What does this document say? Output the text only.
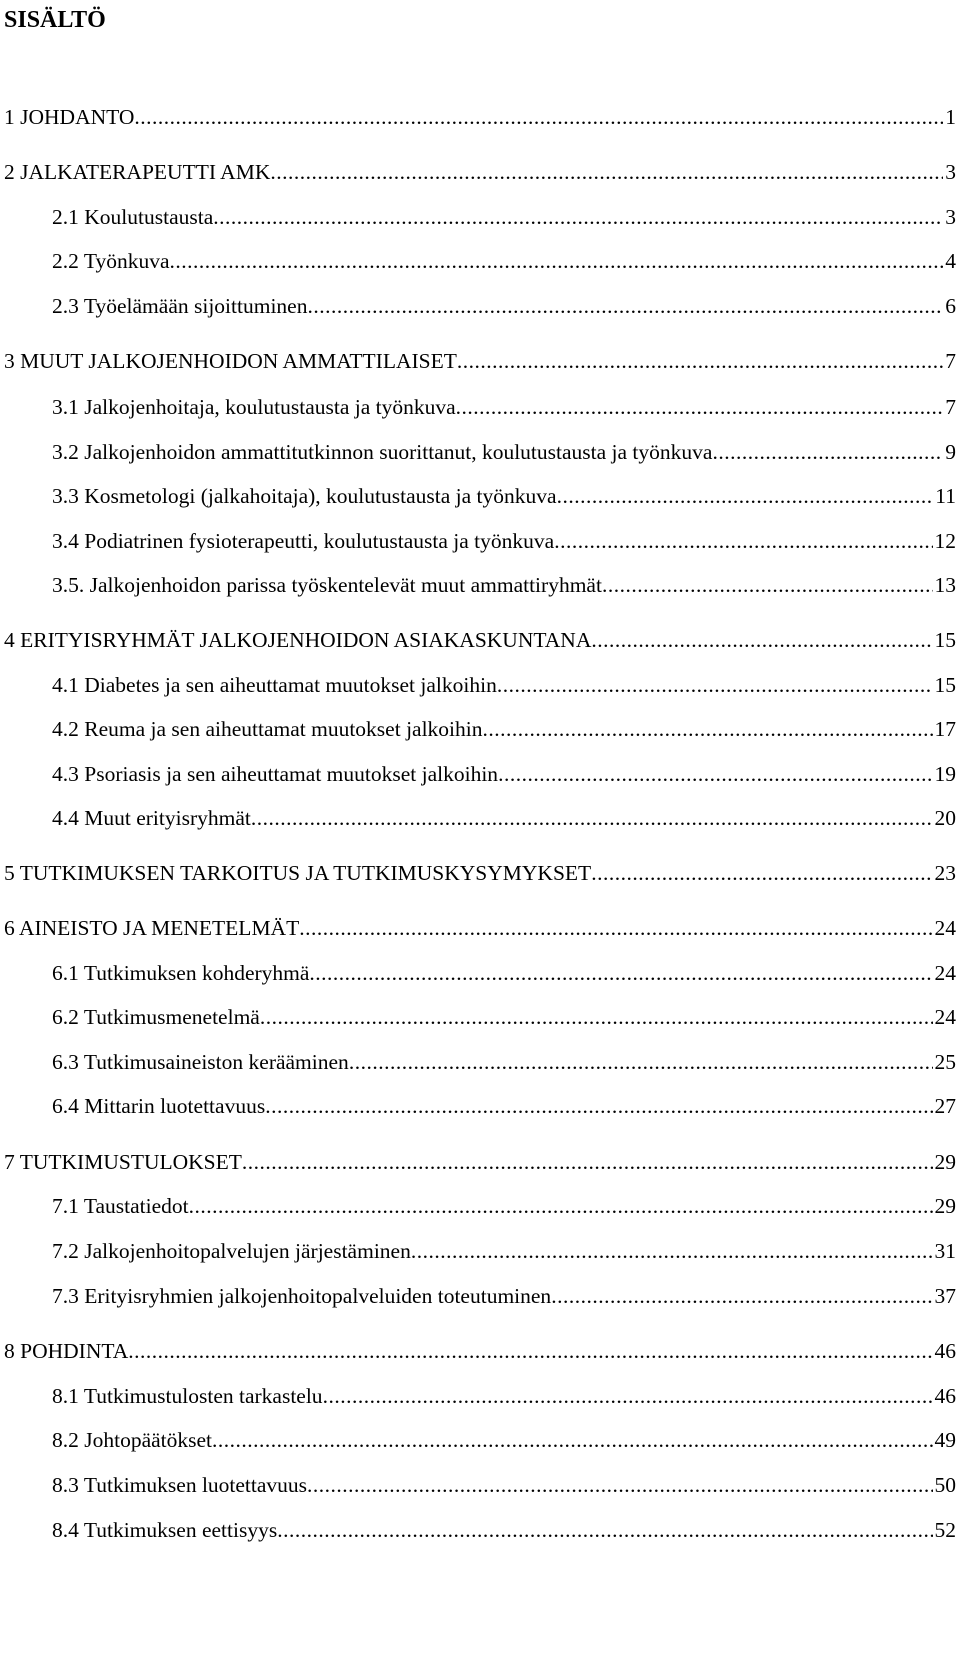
SISÄLTÖ
1 JOHDANTO .....	1
2 JALKATERAPEUTTI AMK .....	3
2.1 Koulutustausta .....	3
2.2 Työnkuva .....	4
2.3 Työelämään sijoittuminen .....	6
3 MUUT JALKOJENHOIDON AMMATTILAISET .....	7
3.1 Jalkojenhoitaja, koulutustausta ja työnkuva .....	7
3.2 Jalkojenhoidon ammattitutkinnon suorittanut, koulutustausta ja työnkuva .....	9
3.3 Kosmetologi (jalkahoitaja), koulutustausta ja työnkuva .....	11
3.4 Podiatrinen fysioterapeutti, koulutustausta ja työnkuva .....	12
3.5. Jalkojenhoidon parissa työskentelevät muut ammattiryhmät .....	13
4 ERITYISRYHMÄT JALKOJENHOIDON ASIAKASKUNTANA .....	15
4.1 Diabetes ja sen aiheuttamat muutokset jalkoihin .....	15
4.2 Reuma ja sen aiheuttamat muutokset jalkoihin .....	17
4.3 Psoriasis ja sen aiheuttamat muutokset jalkoihin .....	19
4.4 Muut erityisryhmät .....	20
5 TUTKIMUKSEN TARKOITUS JA TUTKIMUSKYSYMYKSET .....	23
6 AINEISTO JA MENETELMÄT .....	24
6.1 Tutkimuksen kohderyhmä .....	24
6.2 Tutkimusmenetelmä .....	24
6.3 Tutkimusaineiston kerääminen .....	25
6.4 Mittarin luotettavuus .....	27
7 TUTKIMUSTULOKSET .....	29
7.1 Taustatiedot .....	29
7.2 Jalkojenhoitopalvelujen järjestäminen .....	31
7.3 Erityisryhmien jalkojenhoitopalveluiden toteutuminen .....	37
8 POHDINTA .....	46
8.1 Tutkimustulosten tarkastelu .....	46
8.2 Johtopäätökset .....	49
8.3 Tutkimuksen luotettavuus .....	50
8.4 Tutkimuksen eettisyys .....	52
